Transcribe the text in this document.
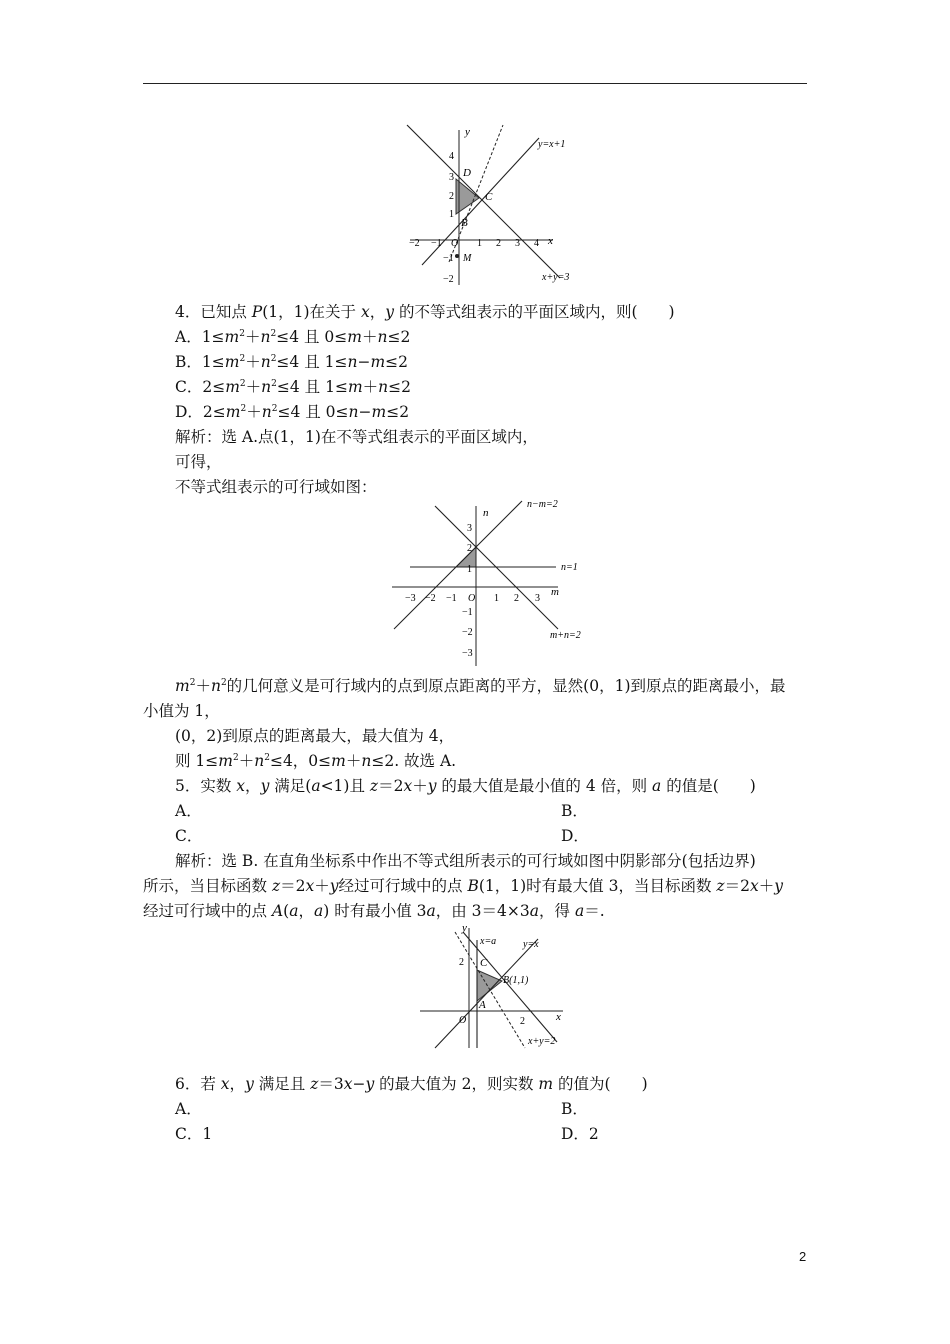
y
x
O
−2 −1	1 2 3 4
4
3
2
1
−1
−2
D
C
B
M
y=x+1
x+y=3
4．已知点 P(1，1)在关于 x，y 的不等式组表示的平面区域内，则(　　)
A．$1\le m^2+n^2\le 4$ 且 0≤m＋n≤2
B．$1\le m^2+n^2\le 4$ 且 1≤n−m≤2
C．$2\le m^2+n^2\le 4$ 且 1≤m＋n≤2
D．$2\le m^2+n^2\le 4$ 且 0≤n−m≤2
解析：选 A.点(1，1)在不等式组表示的平面区域内，
可得，
不等式组表示的可行域如图：
n
m
O
−3 −2 −1	1 2 3
3
2
1
−1
−2
−3
n−m=2
n=1
m+n=2
$m^2+n^2$的几何意义是可行域内的点到原点距离的平方，显然(0，1)到原点的距离最小，最
小值为 1，
(0，2)到原点的距离最大，最大值为 4，
则 $1\le m^2+n^2\le 4$，0≤m＋n≤2. 故选 A.
5．实数 x，y 满足(a<1)且 z＝2x＋y 的最大值是最小值的 4 倍，则 a 的值是(　　)
A．	B．
C．	D．
解析：选 B. 在直角坐标系中作出不等式组所表示的可行域如图中阴影部分(包括边界)
所示，当目标函数 z＝2x＋y经过可行域中的点 B(1，1)时有最大值 3，当目标函数 z＝2x＋y
经过可行域中的点 A(a，a) 时有最小值 3a，由 3＝4×3a，得 a＝.
y
x
O
2
2
C
A
B(1,1)
x=a	y=x
x+y=2
6．若 x，y 满足且 z＝3x−y 的最大值为 2，则实数 m 的值为(　　)
A．	B．
C．1	D．2
2
